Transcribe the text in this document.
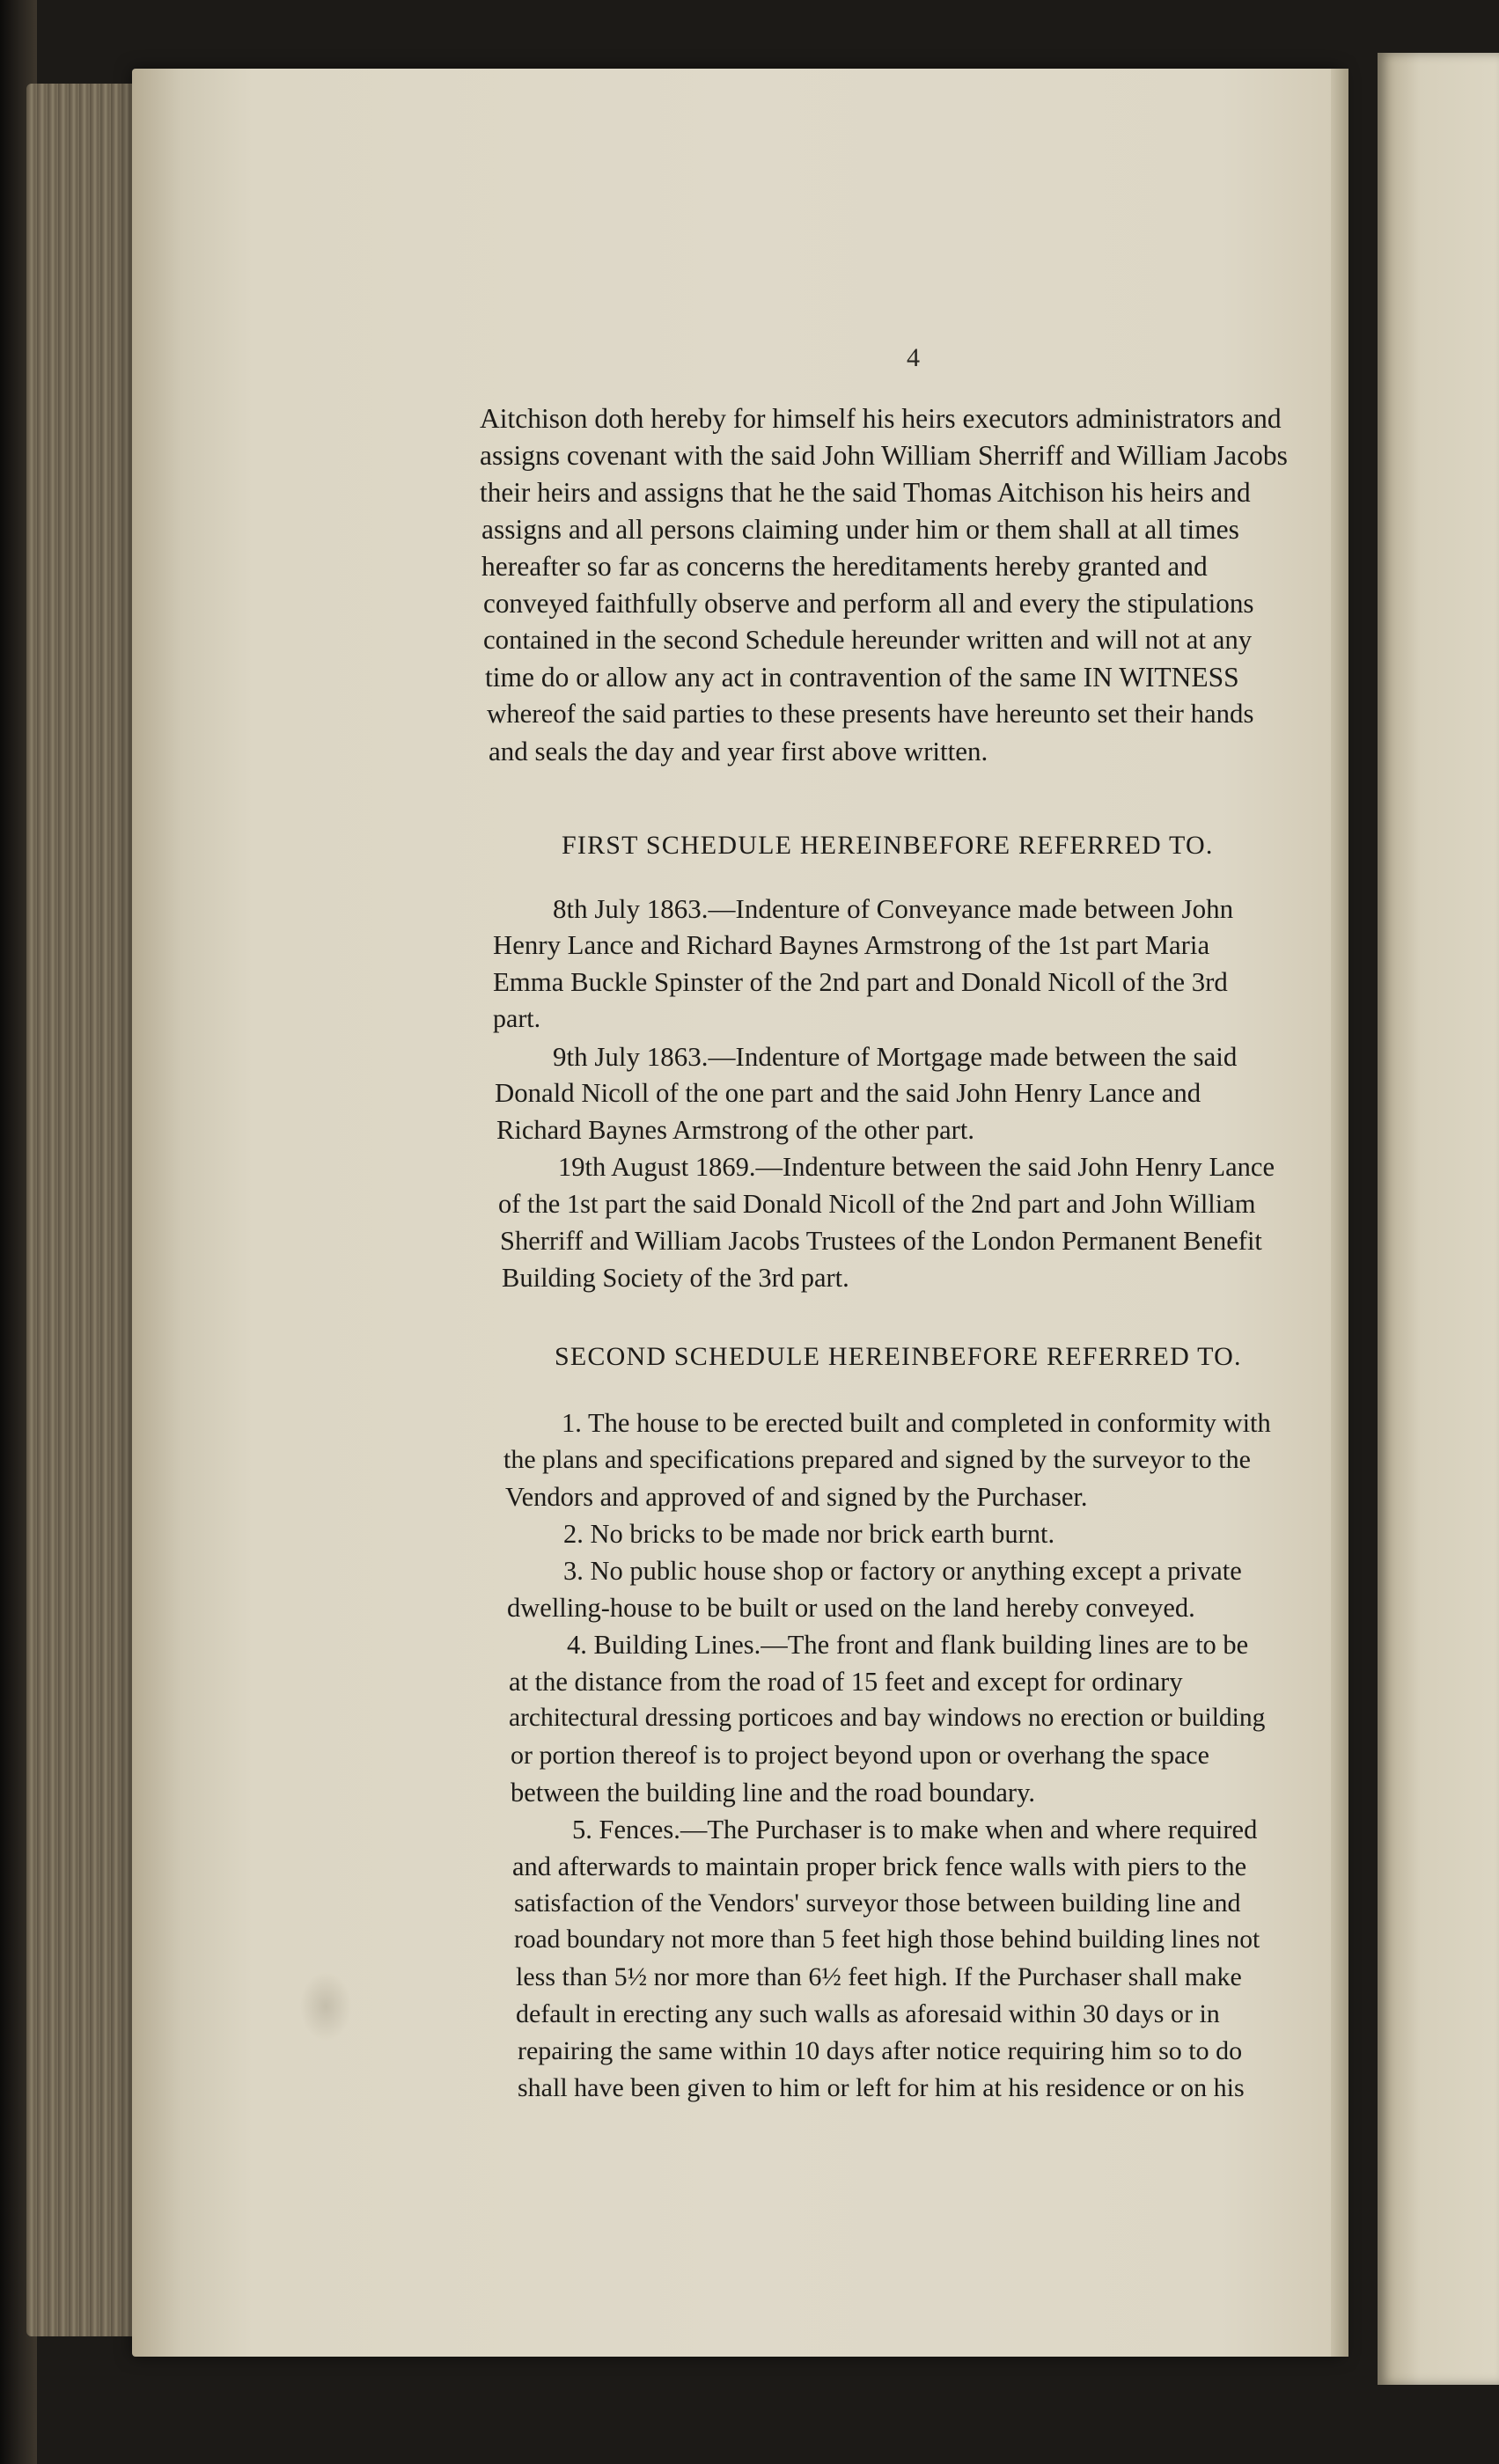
4
Aitchison doth hereby for himself his heirs executors administrators and
assigns covenant with the said John William Sherriff and William Jacobs
their heirs and assigns that he the said Thomas Aitchison his heirs and
assigns and all persons claiming under him or them shall at all times
hereafter so far as concerns the hereditaments hereby granted and
conveyed faithfully observe and perform all and every the stipulations
contained in the second Schedule hereunder written and will not at any
time do or allow any act in contravention of the same IN WITNESS
whereof the said parties to these presents have hereunto set their hands
and seals the day and year first above written.
FIRST SCHEDULE HEREINBEFORE REFERRED TO.
8th July 1863.—Indenture of Conveyance made between John
Henry Lance and Richard Baynes Armstrong of the 1st part Maria
Emma Buckle Spinster of the 2nd part and Donald Nicoll of the 3rd
part.
9th July 1863.—Indenture of Mortgage made between the said
Donald Nicoll of the one part and the said John Henry Lance and
Richard Baynes Armstrong of the other part.
19th August 1869.—Indenture between the said John Henry Lance
of the 1st part the said Donald Nicoll of the 2nd part and John William
Sherriff and William Jacobs Trustees of the London Permanent Benefit
Building Society of the 3rd part.
SECOND SCHEDULE HEREINBEFORE REFERRED TO.
1. The house to be erected built and completed in conformity with
the plans and specifications prepared and signed by the surveyor to the
Vendors and approved of and signed by the Purchaser.
2. No bricks to be made nor brick earth burnt.
3. No public house shop or factory or anything except a private
dwelling-house to be built or used on the land hereby conveyed.
4. Building Lines.—The front and flank building lines are to be
at the distance from the road of 15 feet and except for ordinary
architectural dressing porticoes and bay windows no erection or building
or portion thereof is to project beyond upon or overhang the space
between the building line and the road boundary.
5. Fences.—The Purchaser is to make when and where required
and afterwards to maintain proper brick fence walls with piers to the
satisfaction of the Vendors' surveyor those between building line and
road boundary not more than 5 feet high those behind building lines not
less than 5½ nor more than 6½ feet high. If the Purchaser shall make
default in erecting any such walls as aforesaid within 30 days or in
repairing the same within 10 days after notice requiring him so to do
shall have been given to him or left for him at his residence or on his
